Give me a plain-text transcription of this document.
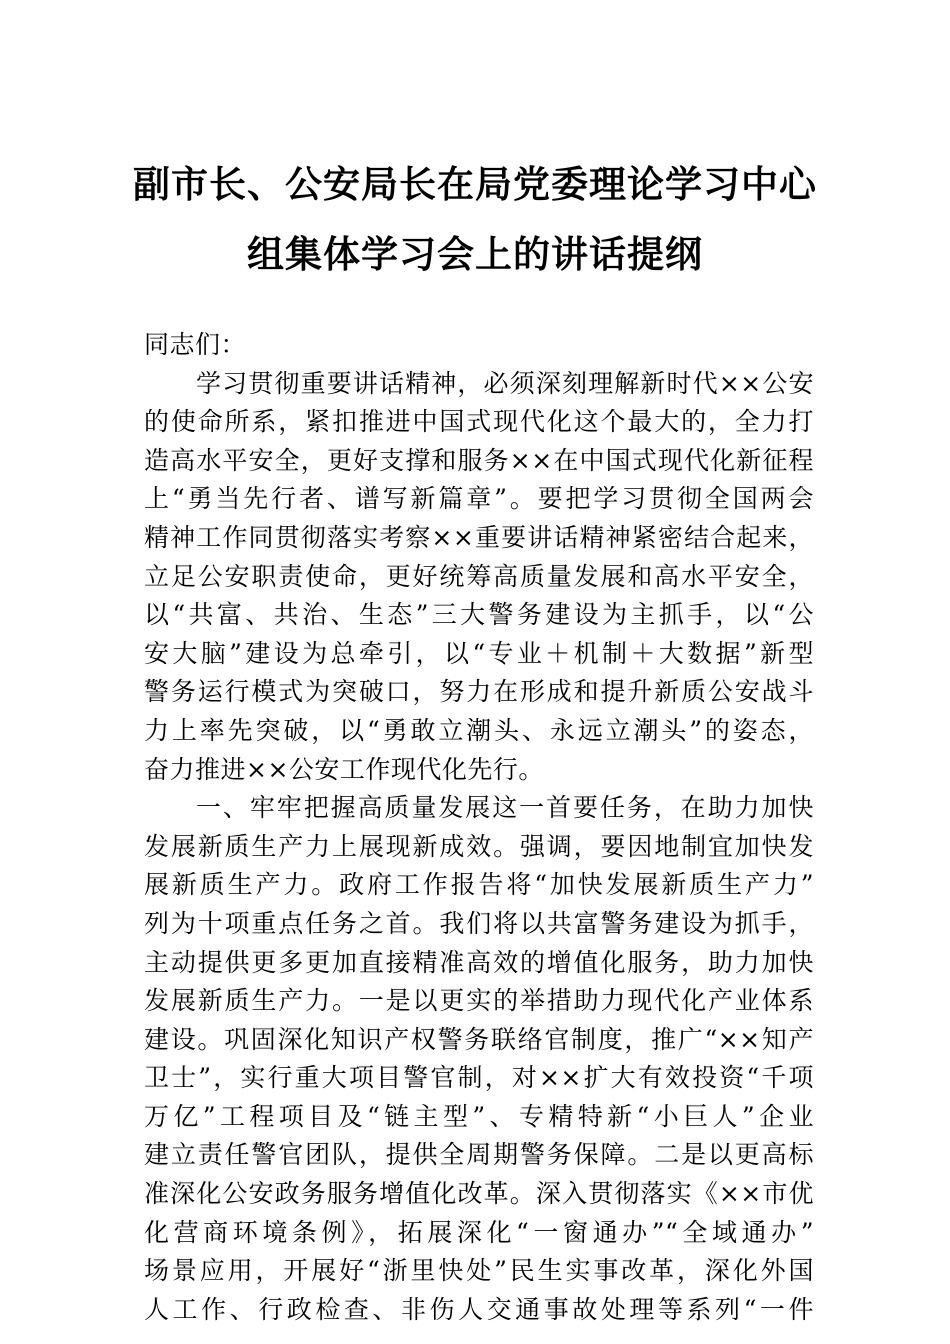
副市长、公安局长在局党委理论学习中心
组集体学习会上的讲话提纲
同志们：
学习贯彻重要讲话精神，必须深刻理解新时代××公安
的使命所系，紧扣推进中国式现代化这个最大的，全力打
造高水平安全，更好支撑和服务××在中国式现代化新征程
上“勇当先行者、谱写新篇章”。要把学习贯彻全国两会
精神工作同贯彻落实考察××重要讲话精神紧密结合起来，
立足公安职责使命，更好统筹高质量发展和高水平安全，
以“共富、共治、生态”三大警务建设为主抓手，以“公
安大脑”建设为总牵引，以“专业＋机制＋大数据”新型
警务运行模式为突破口，努力在形成和提升新质公安战斗
力上率先突破，以“勇敢立潮头、永远立潮头”的姿态，
奋力推进××公安工作现代化先行。
一、牢牢把握高质量发展这一首要任务，在助力加快
发展新质生产力上展现新成效。强调，要因地制宜加快发
展新质生产力。政府工作报告将“加快发展新质生产力”
列为十项重点任务之首。我们将以共富警务建设为抓手，
主动提供更多更加直接精准高效的增值化服务，助力加快
发展新质生产力。一是以更实的举措助力现代化产业体系
建设。巩固深化知识产权警务联络官制度，推广“××知产
卫士”，实行重大项目警官制，对××扩大有效投资“千项
万亿”工程项目及“链主型”、专精特新“小巨人”企业
建立责任警官团队，提供全周期警务保障。二是以更高标
准深化公安政务服务增值化改革。深入贯彻落实《××市优
化营商环境条例》，拓展深化“一窗通办”“全域通办”
场景应用，开展好“浙里快处”民生实事改革，深化外国
人工作、行政检查、非伤人交通事故处理等系列“一件
